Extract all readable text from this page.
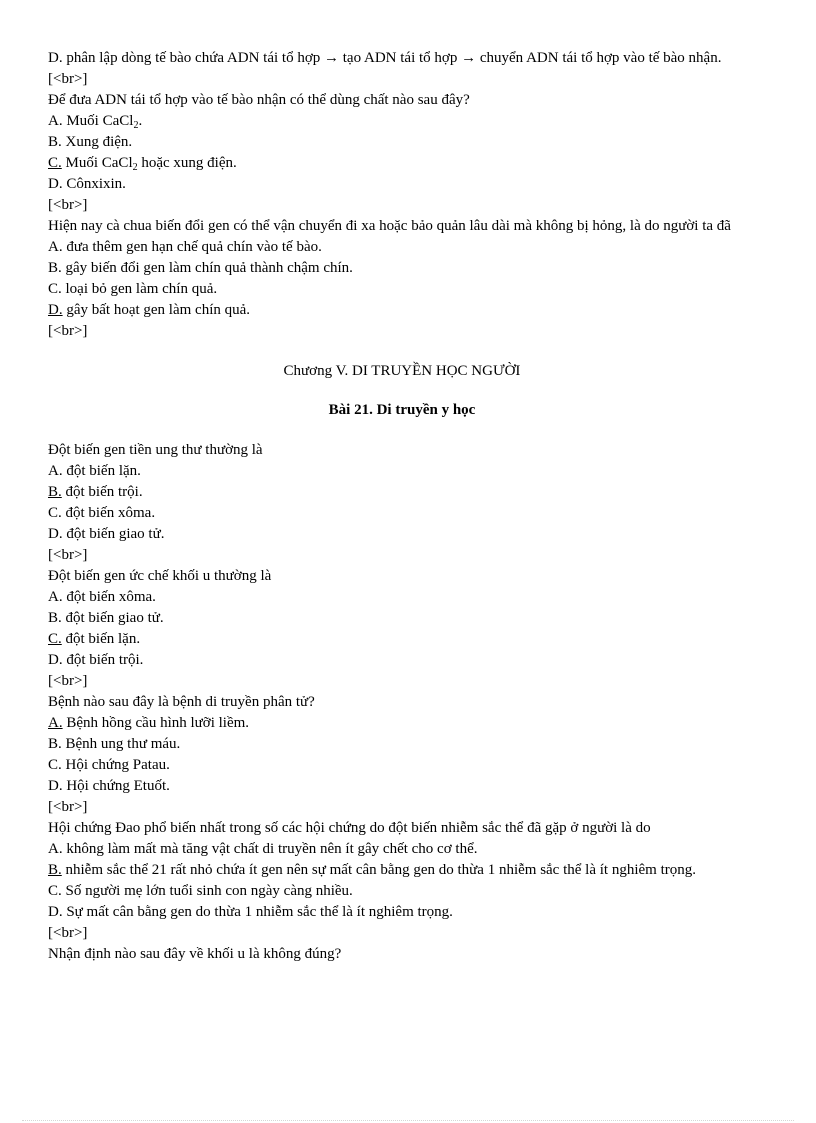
D. phân lập dòng tế bào chứa ADN tái tổ hợp → tạo ADN tái tổ hợp → chuyển ADN tái tổ hợp vào tế bào nhận.

[<br>]

Để đưa ADN tái tổ hợp vào tế bào nhận có thể dùng chất nào sau đây?

A. Muối CaCl$_2$.

B. Xung điện.

C. Muối CaCl$_2$ hoặc xung điện.

D. Cônxixin.

[<br>]

Hiện nay cà chua biến đổi gen có thể vận chuyển đi xa hoặc bảo quản lâu dài mà không bị hỏng, là do người ta đã

A. đưa thêm gen hạn chế quả chín vào tế bào.

B. gây biến đổi gen làm chín quả thành chậm chín.

C. loại bỏ gen làm chín quả.

D. gây bất hoạt gen làm chín quả.

[<br>]

Chương V. DI TRUYỀN HỌC NGƯỜI

Bài 21. Di truyền y học

Đột biến gen tiền ung thư thường là

A. đột biến lặn.

B. đột biến trội.

C. đột biến xôma.

D. đột biến giao tử.

[<br>]

Đột biến gen ức chế khối u thường là

A. đột biến xôma.

B. đột biến giao tử.

C. đột biến lặn.

D. đột biến trội.

[<br>]

Bệnh nào sau đây là bệnh di truyền phân tử?

A. Bệnh hồng cầu hình lưỡi liềm.

B. Bệnh ung thư máu.

C. Hội chứng Patau.

D. Hội chứng Etuốt.

[<br>]

Hội chứng Đao phổ biến nhất trong số các hội chứng do đột biến nhiễm sắc thể đã gặp ở người là do

A. không làm mất mà tăng vật chất di truyền nên ít gây chết cho cơ thể.

B. nhiễm sắc thể 21 rất nhỏ chứa ít gen nên sự mất cân bằng gen do thừa 1 nhiễm sắc thể là ít nghiêm trọng.

C. Số người mẹ lớn tuổi sinh con ngày càng nhiều.

D. Sự mất cân bằng gen do thừa 1 nhiễm sắc thể là ít nghiêm trọng.

[<br>]

Nhận định nào sau đây về khối u là không đúng?
